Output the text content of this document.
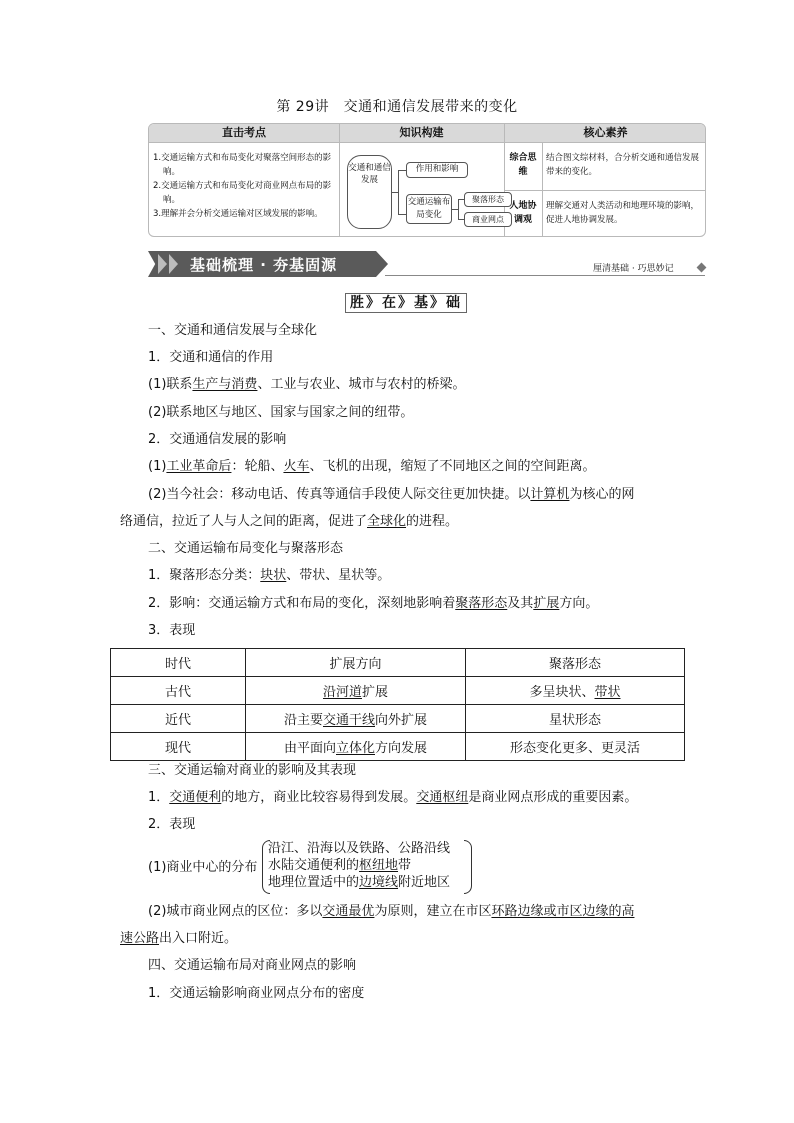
第 29讲　交通和通信发展带来的变化
直击考点	知识构建	核心素养
1.交通运输方式和布局变化对聚落空间形态的影响。
2.交通运输方式和布局变化对商业网点布局的影响。
3.理解并会分析交通运输对区域发展的影响。
交通和通信发展
作用和影响
交通运输布局变化
聚落形态
商业网点
综合思维
结合图文综材料，合分析交通和通信发展带来的变化。
人地协调观
理解交通对人类活动和地理环境的影响，促进人地协调发展。
基础梳理 · 夯基固源	厘清基础 · 巧思妙记
胜》在》基》础
一、交通和通信发展与全球化
1．交通和通信的作用
(1)联系生产与消费、工业与农业、城市与农村的桥梁。
(2)联系地区与地区、国家与国家之间的纽带。
2．交通通信发展的影响
(1)工业革命后：轮船、火车、飞机的出现，缩短了不同地区之间的空间距离。
(2)当今社会：移动电话、传真等通信手段使人际交往更加快捷。以计算机为核心的网
络通信，拉近了人与人之间的距离，促进了全球化的进程。
二、交通运输布局变化与聚落形态
1．聚落形态分类：块状、带状、星状等。
2．影响：交通运输方式和布局的变化，深刻地影响着聚落形态及其扩展方向。
3．表现
时代	扩展方向	聚落形态
古代	沿河道扩展	多呈块状、带状
近代	沿主要交通干线向外扩展	星状形态
现代	由平面向立体化方向发展	形态变化更多、更灵活
三、交通运输对商业的影响及其表现
1．交通便利的地方，商业比较容易得到发展。交通枢纽是商业网点形成的重要因素。
2．表现
(1)商业中心的分布
沿江、沿海以及铁路、公路沿线
水陆交通便利的枢纽地带
地理位置适中的边境线附近地区
(2)城市商业网点的区位：多以交通最优为原则，建立在市区环路边缘或市区边缘的高
速公路出入口附近。
四、交通运输布局对商业网点的影响
1．交通运输影响商业网点分布的密度
